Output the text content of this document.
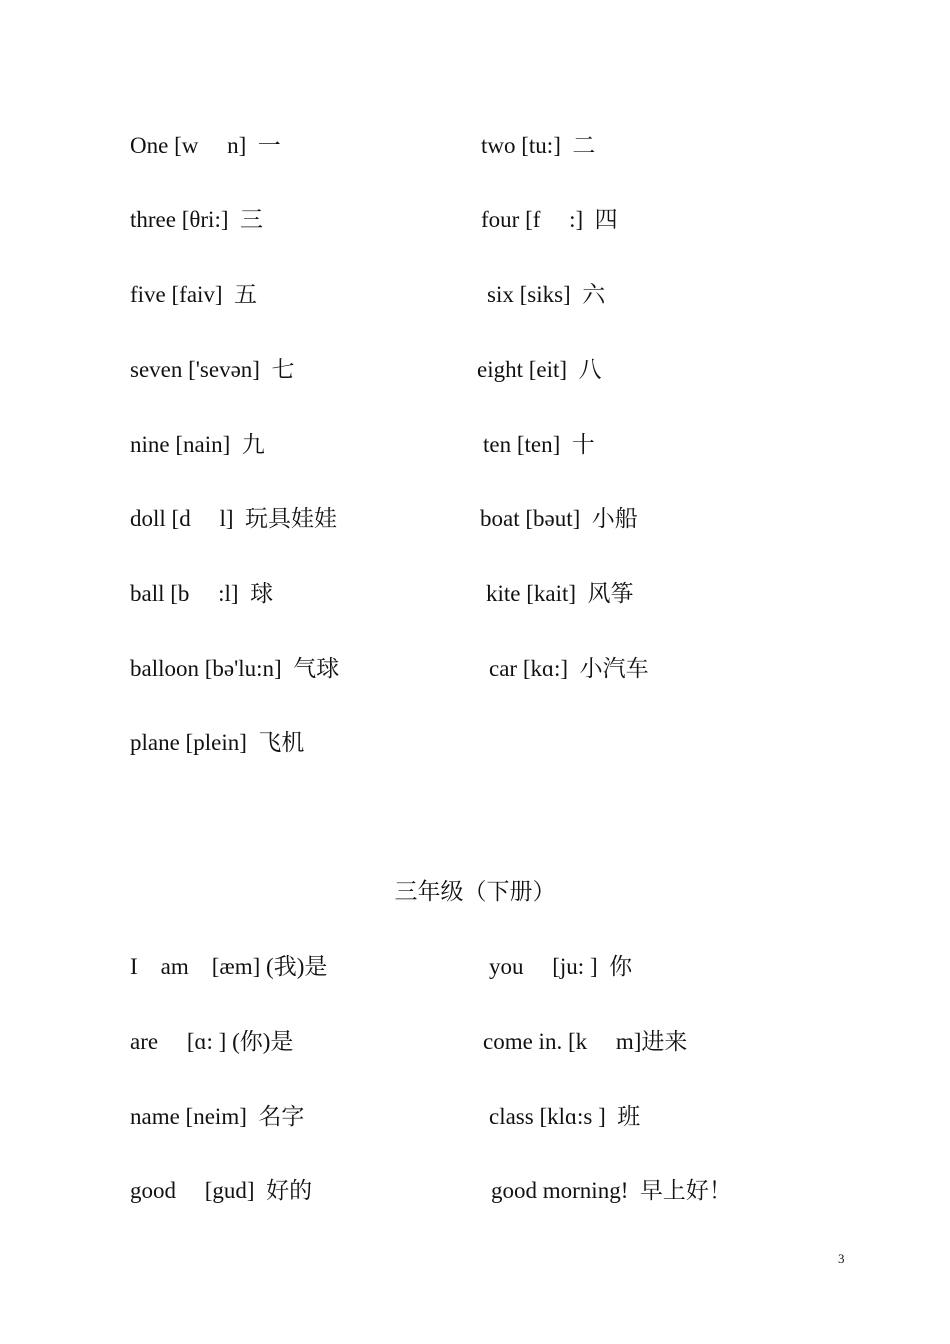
One [w　 n]  一	two [tu:]  二
three [θri:]  三	four [f　 :]  四
five [faiv]  五	six [siks]  六
seven ['sevən]  七	eight [eit]  八
nine [nain]  九	ten [ten]  十
doll [d　 l]  玩具娃娃	boat [bəut]  小船
ball [b　 :l]  球	kite [kait]  风筝
balloon [bə'lu:n]  气球	car [kɑ:]  小汽车
plane [plein]  飞机
三年级（下册）
I　am　[æm] (我)是	you　 [ju: ]  你
are　 [ɑ: ] (你)是	come in. [k　 m]进来
name [neim]  名字	class [klɑ:s ]  班
good　 [gud]  好的	good morning!  早上好！
3
